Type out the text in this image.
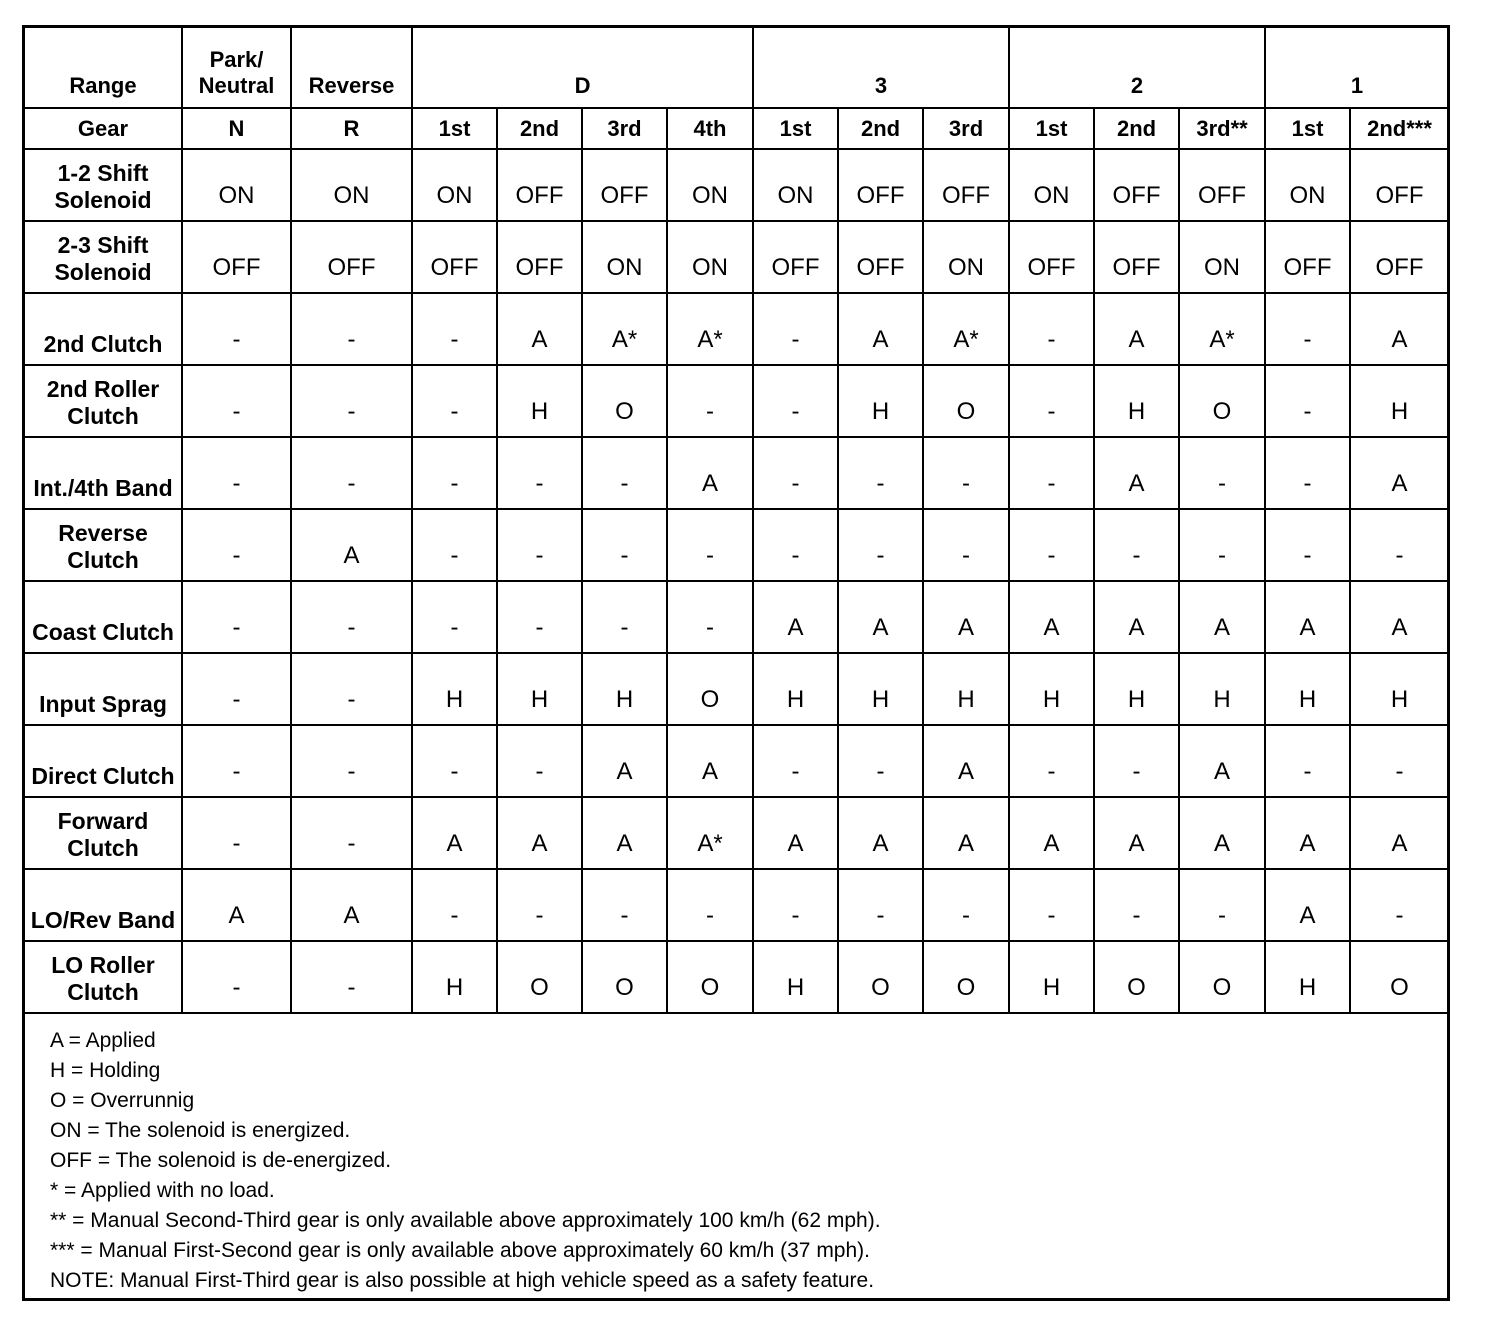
Range	Park/ Neutral	Reverse	D				3			2			1	
Gear	N	R	1st	2nd	3rd	4th	1st	2nd	3rd	1st	2nd	3rd**	1st	2nd***
1-2 Shift Solenoid	ON	ON	ON	OFF	OFF	ON	ON	OFF	OFF	ON	OFF	OFF	ON	OFF
2-3 Shift Solenoid	OFF	OFF	OFF	OFF	ON	ON	OFF	OFF	ON	OFF	OFF	ON	OFF	OFF
2nd Clutch	-	-	-	A	A*	A*	-	A	A*	-	A	A*	-	A
2nd Roller Clutch	-	-	-	H	O	-	-	H	O	-	H	O	-	H
Int./4th Band	-	-	-	-	-	A	-	-	-	-	A	-	-	A
Reverse Clutch	-	A	-	-	-	-	-	-	-	-	-	-	-	-
Coast Clutch	-	-	-	-	-	-	A	A	A	A	A	A	A	A
Input Sprag	-	-	H	H	H	O	H	H	H	H	H	H	H	H
Direct Clutch	-	-	-	-	A	A	-	-	A	-	-	A	-	-
Forward Clutch	-	-	A	A	A	A*	A	A	A	A	A	A	A	A
LO/Rev Band	A	A	-	-	-	-	-	-	-	-	-	-	A	-
LO Roller Clutch	-	-	H	O	O	O	H	O	O	H	O	O	H	O
A = Applied
H = Holding
O = Overrunnig
ON = The solenoid is energized.
OFF = The solenoid is de-energized.
* = Applied with no load.
** = Manual Second-Third gear is only available above approximately 100 km/h (62 mph).
*** = Manual First-Second gear is only available above approximately 60 km/h (37 mph).
NOTE: Manual First-Third gear is also possible at high vehicle speed as a safety feature.
